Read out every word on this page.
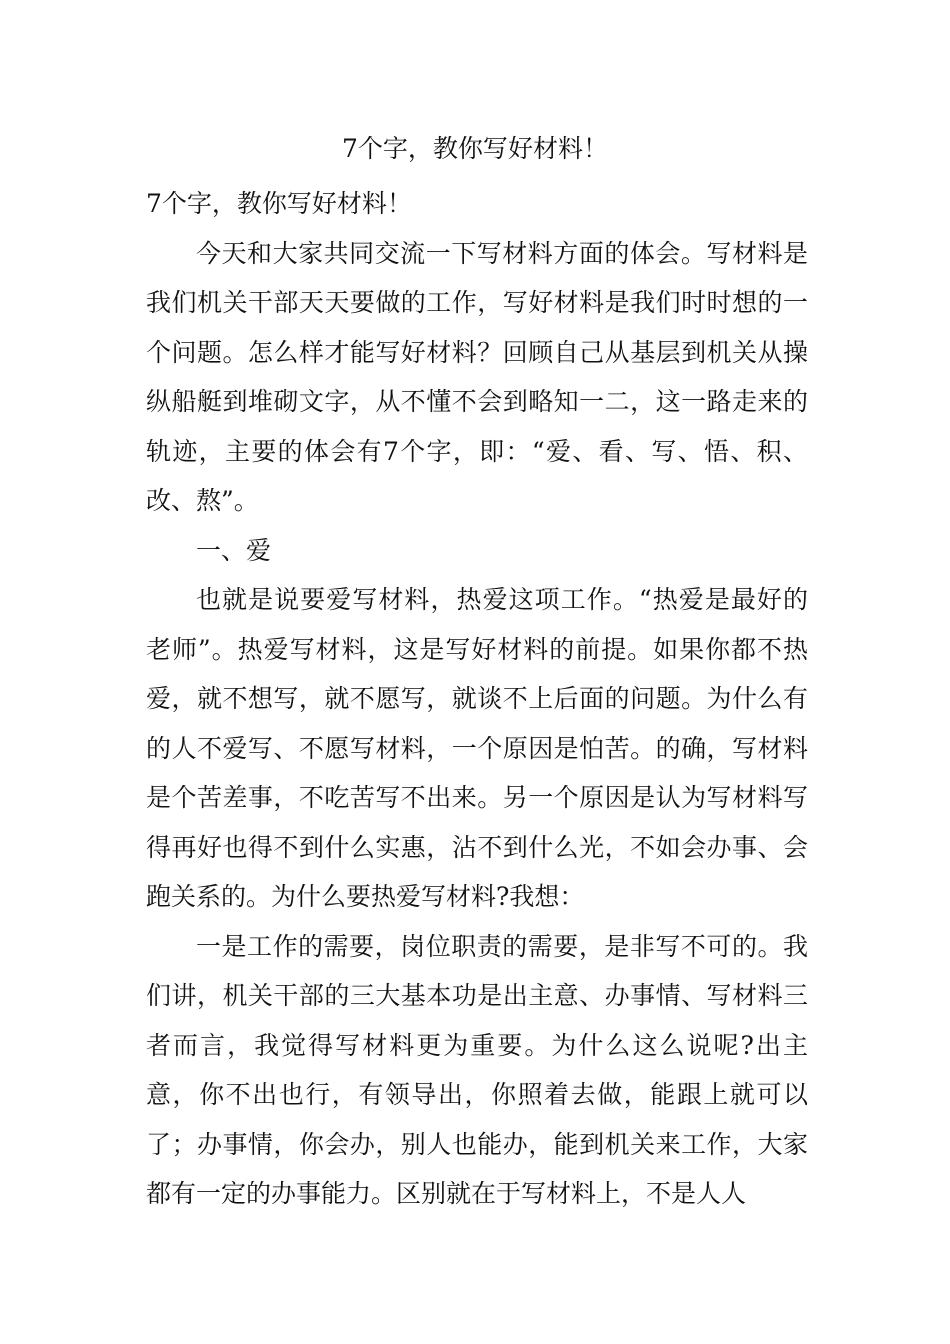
7个字，教你写好材料！

7个字，教你写好材料！

今天和大家共同交流一下写材料方面的体会。写材料是我们机关干部天天要做的工作，写好材料是我们时时想的一个问题。怎么样才能写好材料？回顾自己从基层到机关从操纵船艇到堆砌文字，从不懂不会到略知一二，这一路走来的轨迹，主要的体会有7个字，即：“爱、看、写、悟、积、改、熬”。

一、爱

也就是说要爱写材料，热爱这项工作。“热爱是最好的老师”。热爱写材料，这是写好材料的前提。如果你都不热爱，就不想写，就不愿写，就谈不上后面的问题。为什么有的人不爱写、不愿写材料，一个原因是怕苦。的确，写材料是个苦差事，不吃苦写不出来。另一个原因是认为写材料写得再好也得不到什么实惠，沾不到什么光，不如会办事、会跑关系的。为什么要热爱写材料?我想：

一是工作的需要，岗位职责的需要，是非写不可的。我们讲，机关干部的三大基本功是出主意、办事情、写材料三者而言，我觉得写材料更为重要。为什么这么说呢?出主意，你不出也行，有领导出，你照着去做，能跟上就可以了；办事情，你会办，别人也能办，能到机关来工作，大家都有一定的办事能力。区别就在于写材料上，不是人人
